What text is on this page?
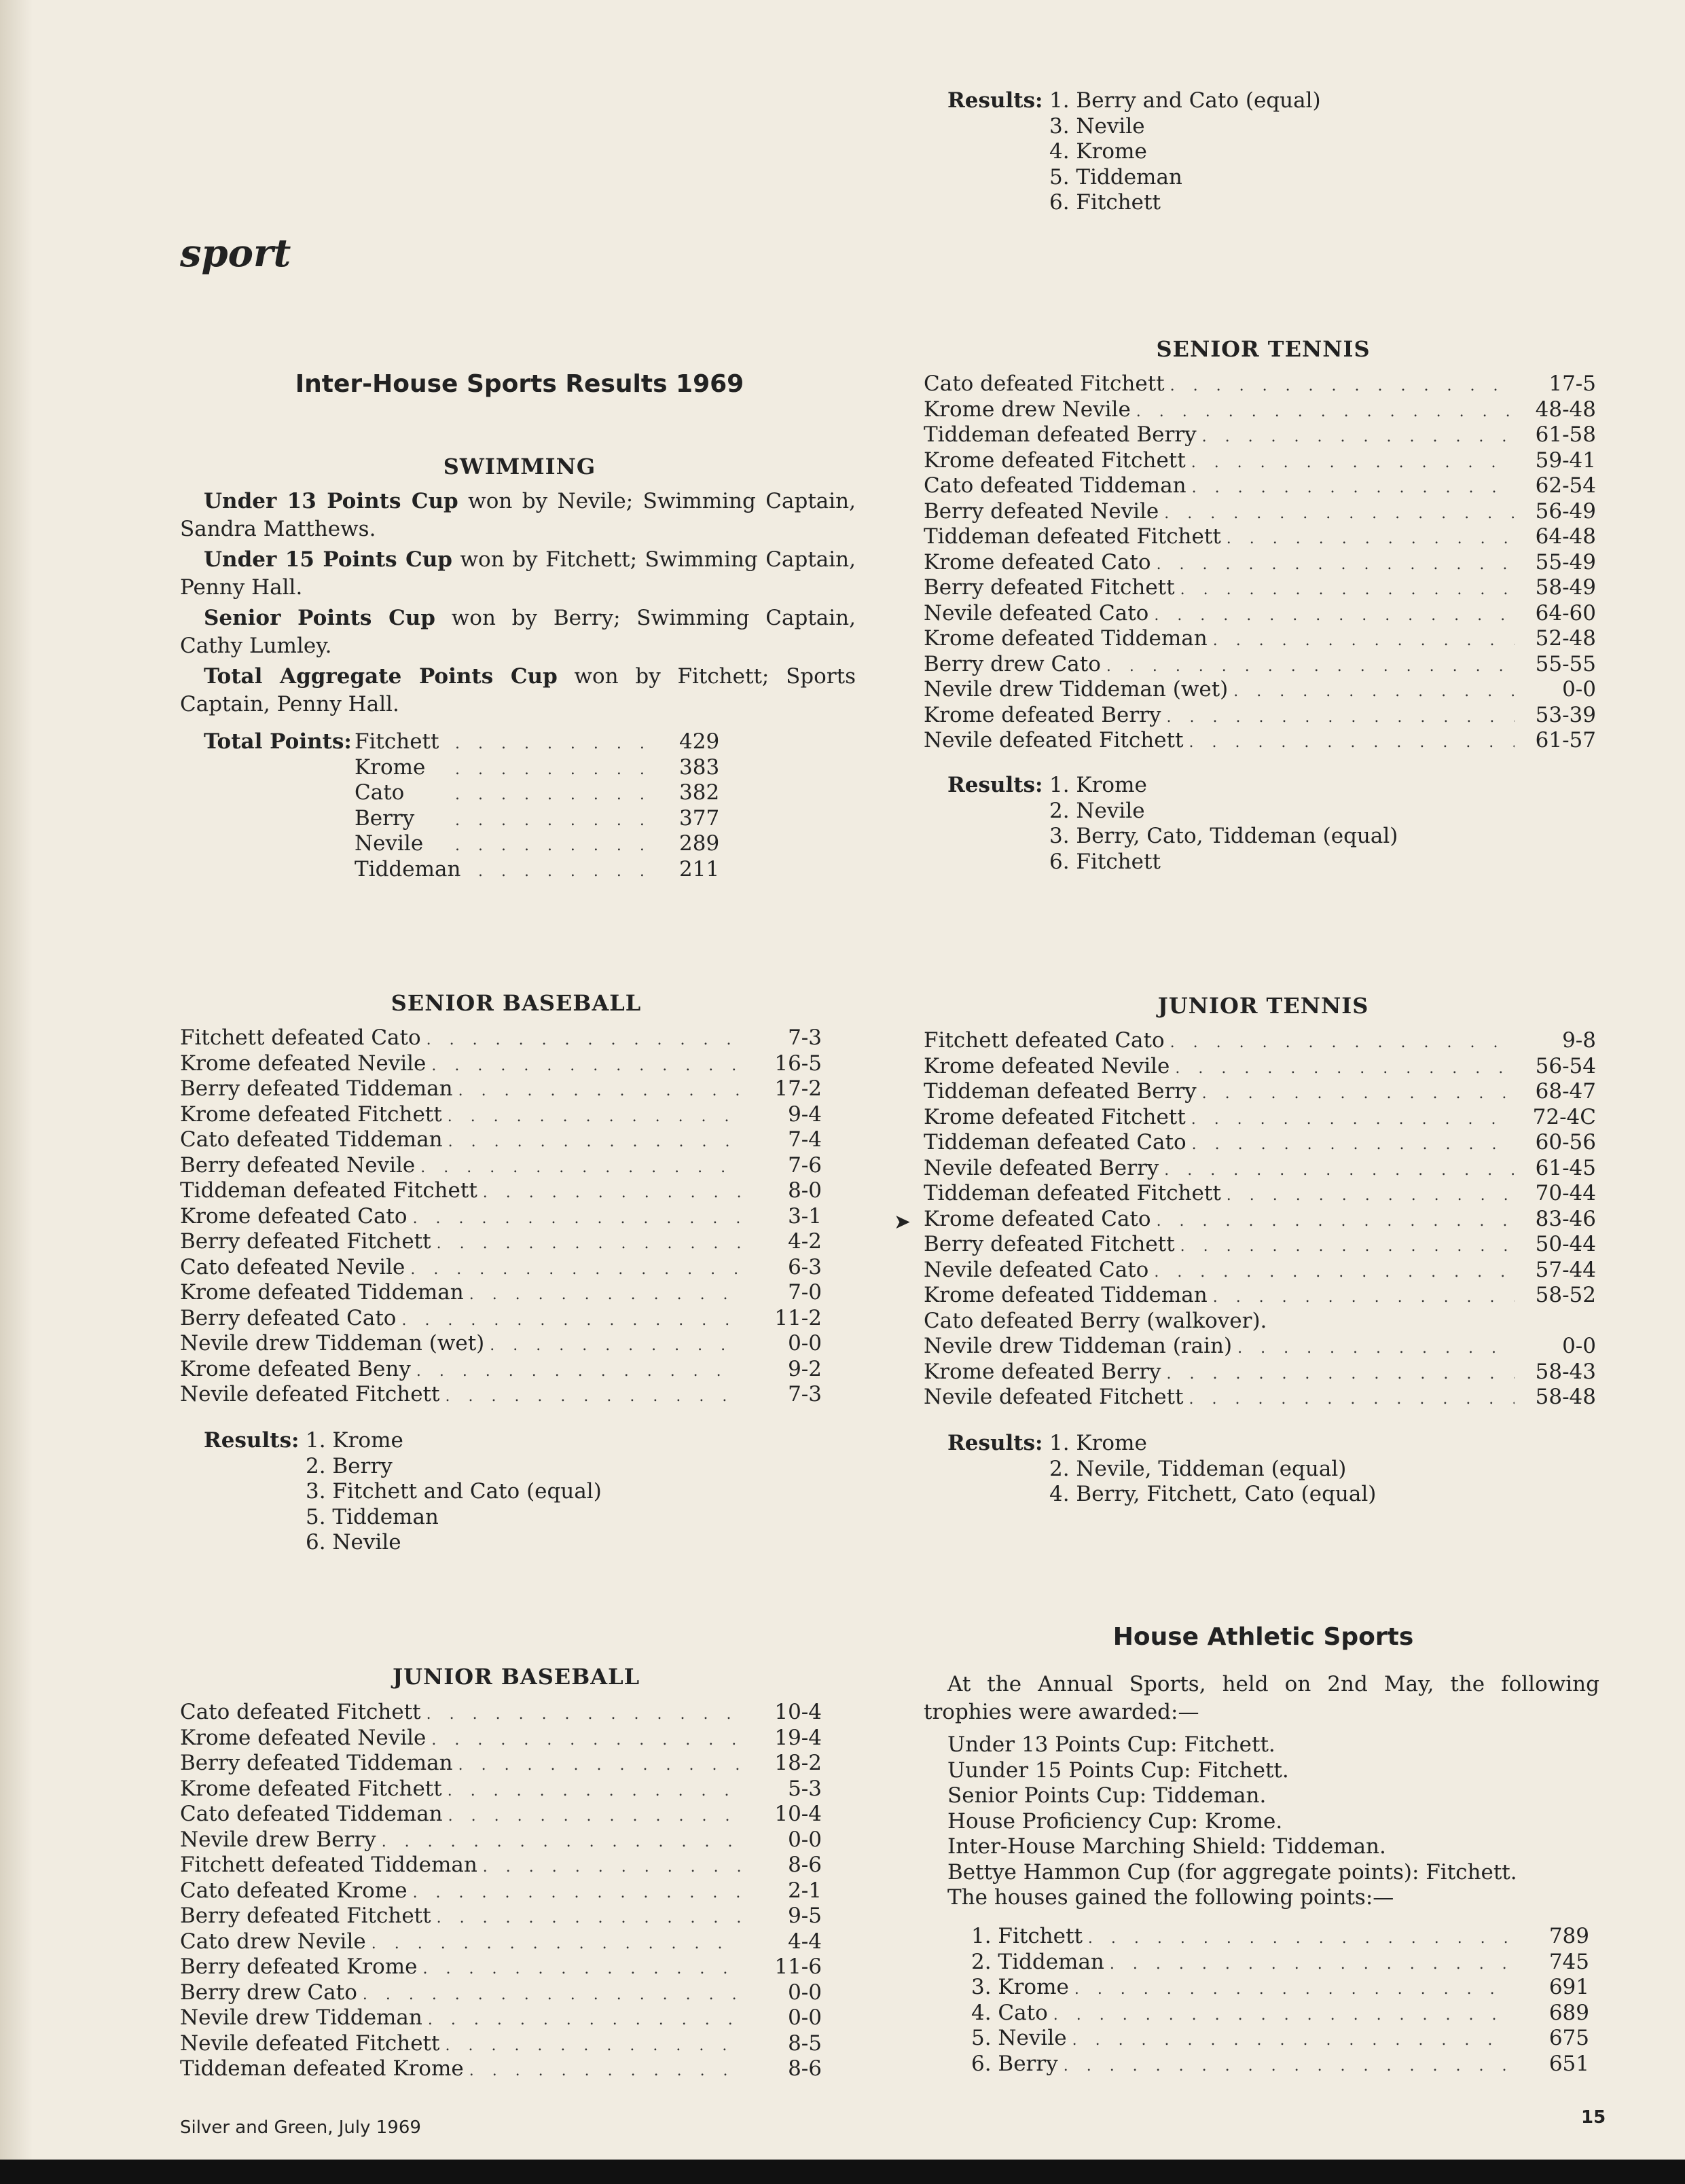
Results: 1. Berry and Cato (equal)
3. Nevile
4. Krome
5. Tiddeman
6. Fitchett
sport
Inter-House Sports Results 1969
SWIMMING
Under 13 Points Cup won by Nevile; Swimming Captain, Sandra Matthews.
Under 15 Points Cup won by Fitchett; Swimming Captain, Penny Hall.
Senior Points Cup won by Berry; Swimming Captain, Cathy Lumley.
Total Aggregate Points Cup won by Fitchett; Sports Captain, Penny Hall.
Total Points: Fitchett . . .	429
Krome . . .	383
Cato . . .	382
Berry . . .	377
Nevile . . .	289
Tiddeman . . .	211
SENIOR TENNIS
Cato defeated Fitchett . . .	17-5
Krome drew Nevile . . .	48-48
Tiddeman defeated Berry . . .	61-58
Krome defeated Fitchett . . .	59-41
Cato defeated Tiddeman . . .	62-54
Berry defeated Nevile . . .	56-49
Tiddeman defeated Fitchett . . .	64-48
Krome defeated Cato . . .	55-49
Berry defeated Fitchett . . .	58-49
Nevile defeated Cato . . .	64-60
Krome defeated Tiddeman . . .	52-48
Berry drew Cato . . .	55-55
Nevile drew Tiddeman (wet) . . .	0-0
Krome defeated Berry . . .	53-39
Nevile defeated Fitchett . . .	61-57
Results: 1. Krome
2. Nevile
3. Berry, Cato, Tiddeman (equal)
6. Fitchett
SENIOR BASEBALL
Fitchett defeated Cato . . .	7-3
Krome defeated Nevile . . .	16-5
Berry defeated Tiddeman . . .	17-2
Krome defeated Fitchett . . .	9-4
Cato defeated Tiddeman . . .	7-4
Berry defeated Nevile . . .	7-6
Tiddeman defeated Fitchett . . .	8-0
Krome defeated Cato . . .	3-1
Berry defeated Fitchett . . .	4-2
Cato defeated Nevile . . .	6-3
Krome defeated Tiddeman . . .	7-0
Berry defeated Cato . . .	11-2
Nevile drew Tiddeman (wet) . . .	0-0
Krome defeated Beny . . .	9-2
Nevile defeated Fitchett . . .	7-3
Results: 1. Krome
2. Berry
3. Fitchett and Cato (equal)
5. Tiddeman
6. Nevile
JUNIOR TENNIS
➤
Fitchett defeated Cato . . .	9-8
Krome defeated Nevile . . .	56-54
Tiddeman defeated Berry . . .	68-47
Krome defeated Fitchett . . .	72-4C
Tiddeman defeated Cato . . .	60-56
Nevile defeated Berry . . .	61-45
Tiddeman defeated Fitchett . . .	70-44
Krome defeated Cato . . .	83-46
Berry defeated Fitchett . . .	50-44
Nevile defeated Cato . . .	57-44
Krome defeated Tiddeman . . .	58-52
Cato defeated Berry (walkover).
Nevile drew Tiddeman (rain) . . .	0-0
Krome defeated Berry . . .	58-43
Nevile defeated Fitchett . . .	58-48
Results: 1. Krome
2. Nevile, Tiddeman (equal)
4. Berry, Fitchett, Cato (equal)
JUNIOR BASEBALL
Cato defeated Fitchett . . .	10-4
Krome defeated Nevile . . .	19-4
Berry defeated Tiddeman . . .	18-2
Krome defeated Fitchett . . .	5-3
Cato defeated Tiddeman . . .	10-4
Nevile drew Berry . . .	0-0
Fitchett defeated Tiddeman . . .	8-6
Cato defeated Krome . . .	2-1
Berry defeated Fitchett . . .	9-5
Cato drew Nevile . . .	4-4
Berry defeated Krome . . .	11-6
Berry drew Cato . . .	0-0
Nevile drew Tiddeman . . .	0-0
Nevile defeated Fitchett . . .	8-5
Tiddeman defeated Krome . . .	8-6
House Athletic Sports
At the Annual Sports, held on 2nd May, the following trophies were awarded:—
Under 13 Points Cup: Fitchett.
Uunder 15 Points Cup: Fitchett.
Senior Points Cup: Tiddeman.
House Proficiency Cup: Krome.
Inter-House Marching Shield: Tiddeman.
Bettye Hammon Cup (for aggregate points): Fitchett.
The houses gained the following points:—
1. Fitchett . . .	789
2. Tiddeman . . .	745
3. Krome . . .	691
4. Cato . . .	689
5. Nevile . . .	675
6. Berry . . .	651
Silver and Green, July 1969	15
